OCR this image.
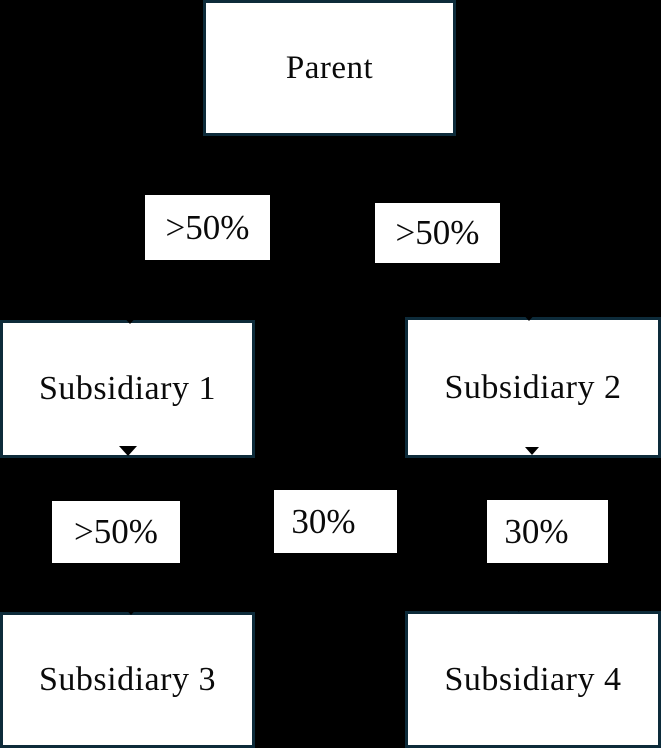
Parent
>50%	>50%
Subsidiary 1	Subsidiary 2
>50%	30%	30%
Subsidiary 3	Subsidiary 4
